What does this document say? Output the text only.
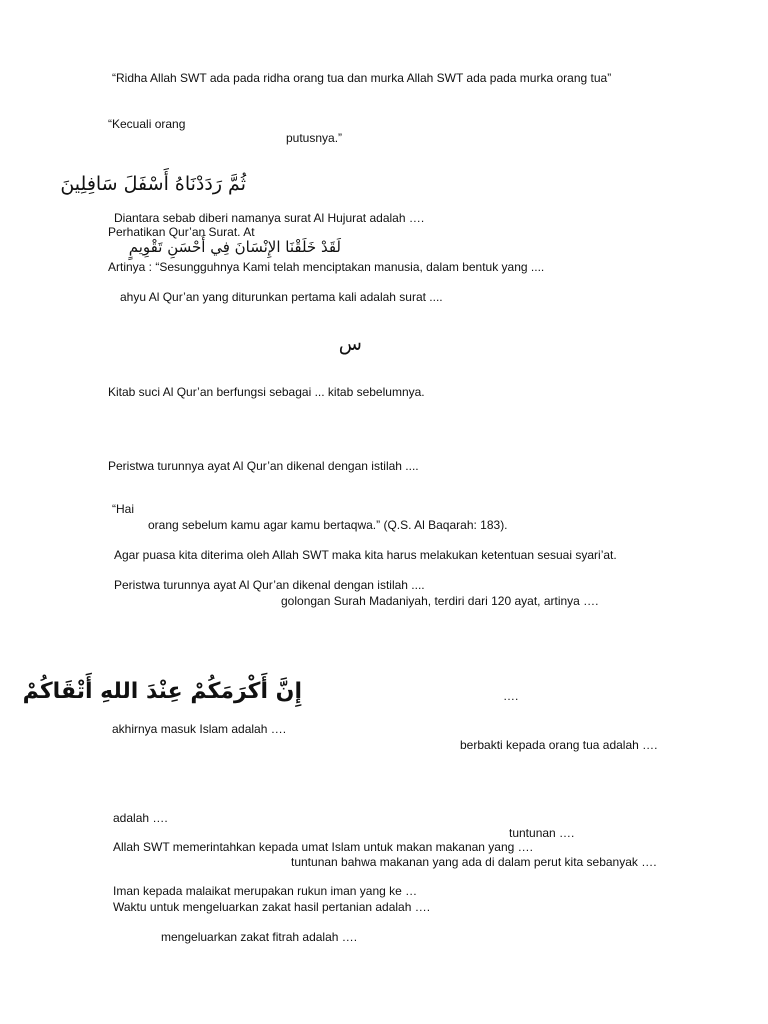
“Ridha Allah SWT ada pada ridha orang tua dan murka Allah SWT ada pada murka orang tua”
“Kecuali orang
putusnya.”
ثُمَّ رَدَدْنَاهُ أَسْفَلَ سَافِلِينَ
Diantara sebab diberi namanya surat Al Hujurat adalah ….
Perhatikan Qur’an Surat. At
لَقَدْ خَلَقْنَا الإِنْسَانَ فِي أَحْسَنِ تَقْوِيمٍ
Artinya : “Sesungguhnya Kami telah menciptakan manusia, dalam bentuk yang ....
ahyu Al Qur’an yang diturunkan pertama kali adalah surat ....
س
Kitab suci Al Qur’an berfungsi sebagai ... kitab sebelumnya.
Peristwa turunnya ayat Al Qur’an dikenal dengan istilah ....
“Hai
orang sebelum kamu agar kamu bertaqwa.” (Q.S. Al Baqarah: 183).
Agar puasa kita diterima oleh Allah SWT maka kita harus melakukan ketentuan sesuai syari’at.
Peristwa turunnya ayat Al Qur’an dikenal dengan istilah ....
golongan Surah Madaniyah, terdiri dari 120 ayat, artinya ….
إِنَّ أَكْرَمَكُمْ عِنْدَ اللهِ أَتْقَاكُمْ	….
akhirnya masuk Islam adalah ….
berbakti kepada orang tua adalah ….
adalah ….
tuntunan ….
Allah SWT memerintahkan kepada umat Islam untuk makan makanan yang ….
tuntunan bahwa makanan yang ada di dalam perut kita sebanyak ….
Iman kepada malaikat merupakan rukun iman yang ke …
Waktu untuk mengeluarkan zakat hasil pertanian adalah ….
mengeluarkan zakat fitrah adalah ….
